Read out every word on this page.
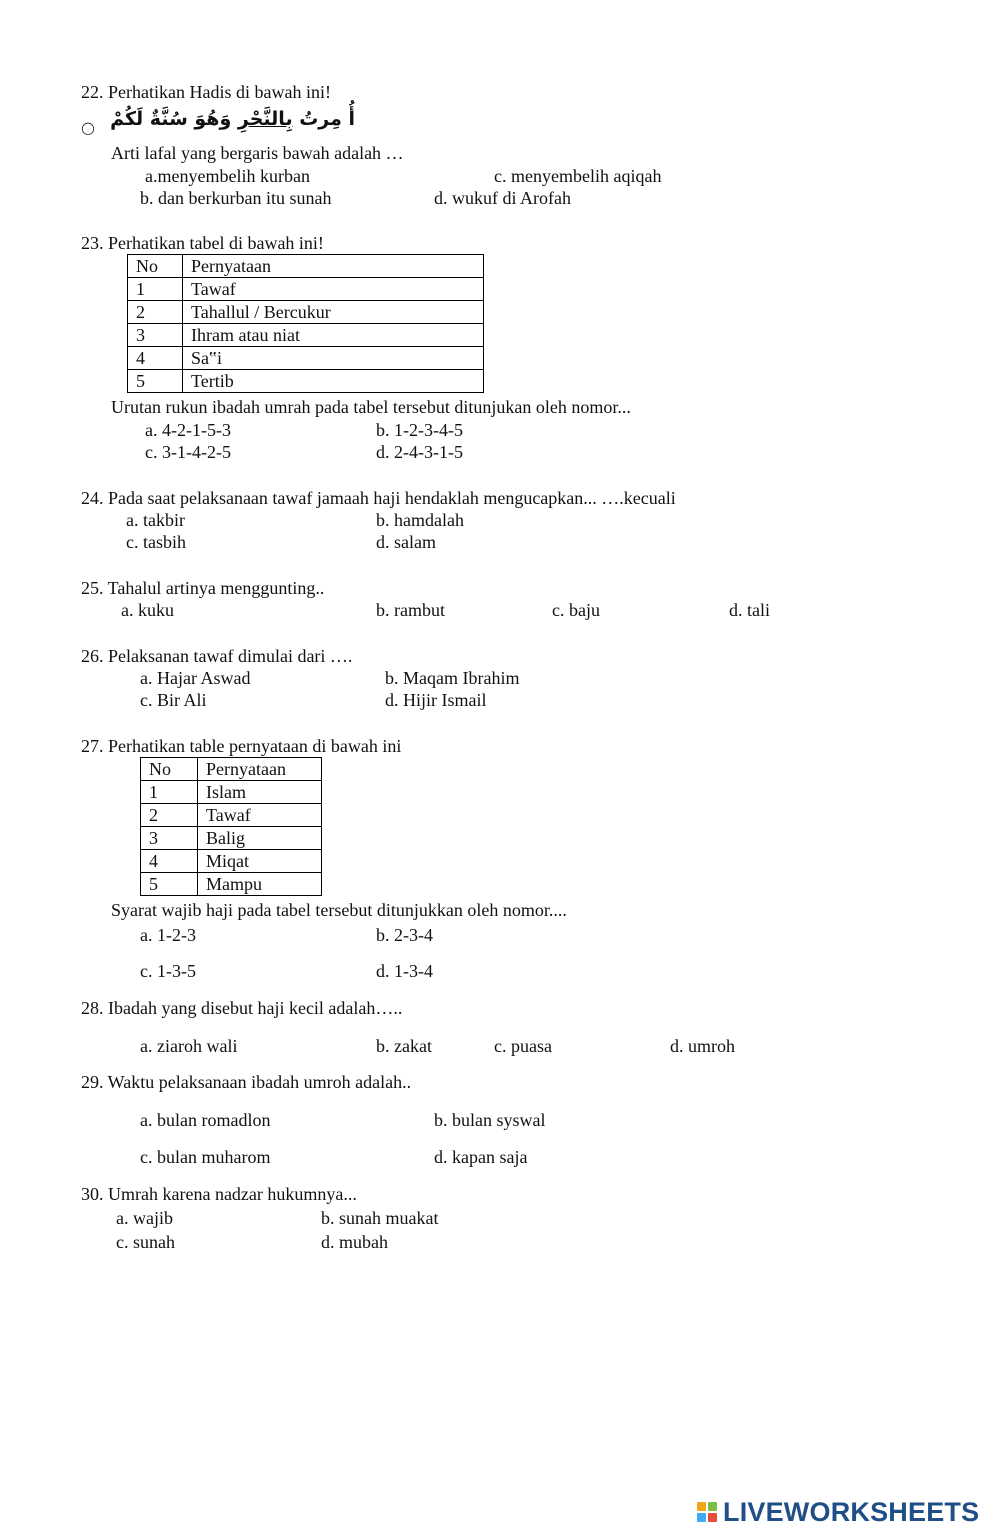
22. Perhatikan Hadis di bawah ini!
○	أُ مِرتُ بِالنَّحْرِ وَهُوَ سُنَّةٌ لَكُمْ
Arti lafal yang bergaris bawah adalah …
a.menyembelih kurban	c. menyembelih aqiqah
b. dan berkurban itu sunah	d. wukuf di Arofah
23. Perhatikan tabel di bawah ini!
No	Pernyataan
1	Tawaf
2	Tahallul / Bercukur
3	Ihram atau niat
4	Sa‟i
5	Tertib
Urutan rukun ibadah umrah pada tabel tersebut ditunjukan oleh nomor...
a. 4-2-1-5-3	b. 1-2-3-4-5
c. 3-1-4-2-5	d. 2-4-3-1-5
24. Pada saat pelaksanaan tawaf jamaah haji hendaklah mengucapkan... ….kecuali
a. takbir	b. hamdalah
c. tasbih	d. salam
25. Tahalul artinya menggunting..
a. kuku	b. rambut	c. baju	d. tali
26. Pelaksanan tawaf dimulai dari ….
a. Hajar Aswad	b. Maqam Ibrahim
c. Bir Ali	d. Hijir Ismail
27. Perhatikan table pernyataan di bawah ini
No	Pernyataan
1	Islam
2	Tawaf
3	Balig
4	Miqat
5	Mampu
Syarat wajib haji pada tabel tersebut ditunjukkan oleh nomor....
a. 1-2-3	b. 2-3-4
c. 1-3-5	d. 1-3-4
28. Ibadah yang disebut haji kecil adalah…..
a. ziaroh wali	b. zakat	c. puasa	d. umroh
29. Waktu pelaksanaan ibadah umroh adalah..
a. bulan romadlon	b. bulan syswal
c. bulan muharom	d. kapan saja
30. Umrah karena nadzar hukumnya...
a. wajib	b. sunah muakat
c. sunah	d. mubah
LIVEWORKSHEETS
